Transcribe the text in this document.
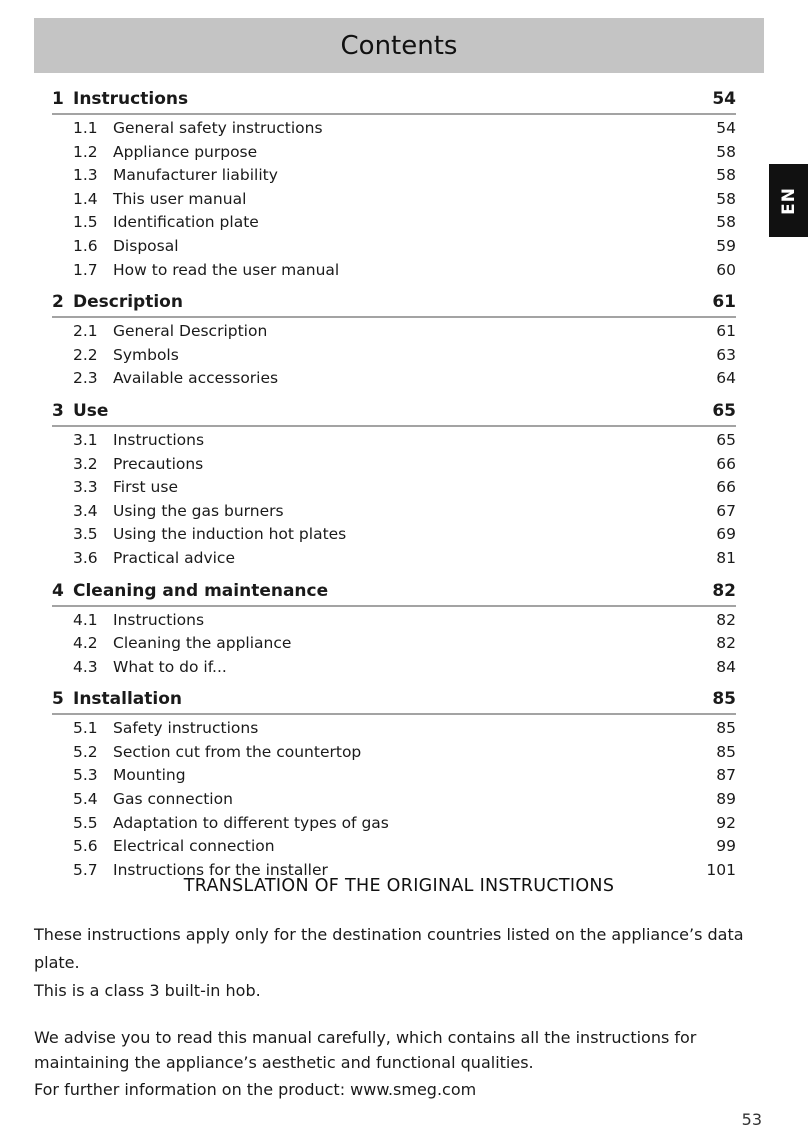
Contents
EN
1 Instructions	54
1.1 General safety instructions	54
1.2 Appliance purpose	58
1.3 Manufacturer liability	58
1.4 This user manual	58
1.5 Identification plate	58
1.6 Disposal	59
1.7 How to read the user manual	60
2 Description	61
2.1 General Description	61
2.2 Symbols	63
2.3 Available accessories	64
3 Use	65
3.1 Instructions	65
3.2 Precautions	66
3.3 First use	66
3.4 Using the gas burners	67
3.5 Using the induction hot plates	69
3.6 Practical advice	81
4 Cleaning and maintenance	82
4.1 Instructions	82
4.2 Cleaning the appliance	82
4.3 What to do if...	84
5 Installation	85
5.1 Safety instructions	85
5.2 Section cut from the countertop	85
5.3 Mounting	87
5.4 Gas connection	89
5.5 Adaptation to different types of gas	92
5.6 Electrical connection	99
5.7 Instructions for the installer	101
TRANSLATION OF THE ORIGINAL INSTRUCTIONS

These instructions apply only for the destination countries listed on the appliance’s data plate.

This is a class 3 built-in hob.

We advise you to read this manual carefully, which contains all the instructions for maintaining the appliance’s aesthetic and functional qualities.

For further information on the product: www.smeg.com

53
